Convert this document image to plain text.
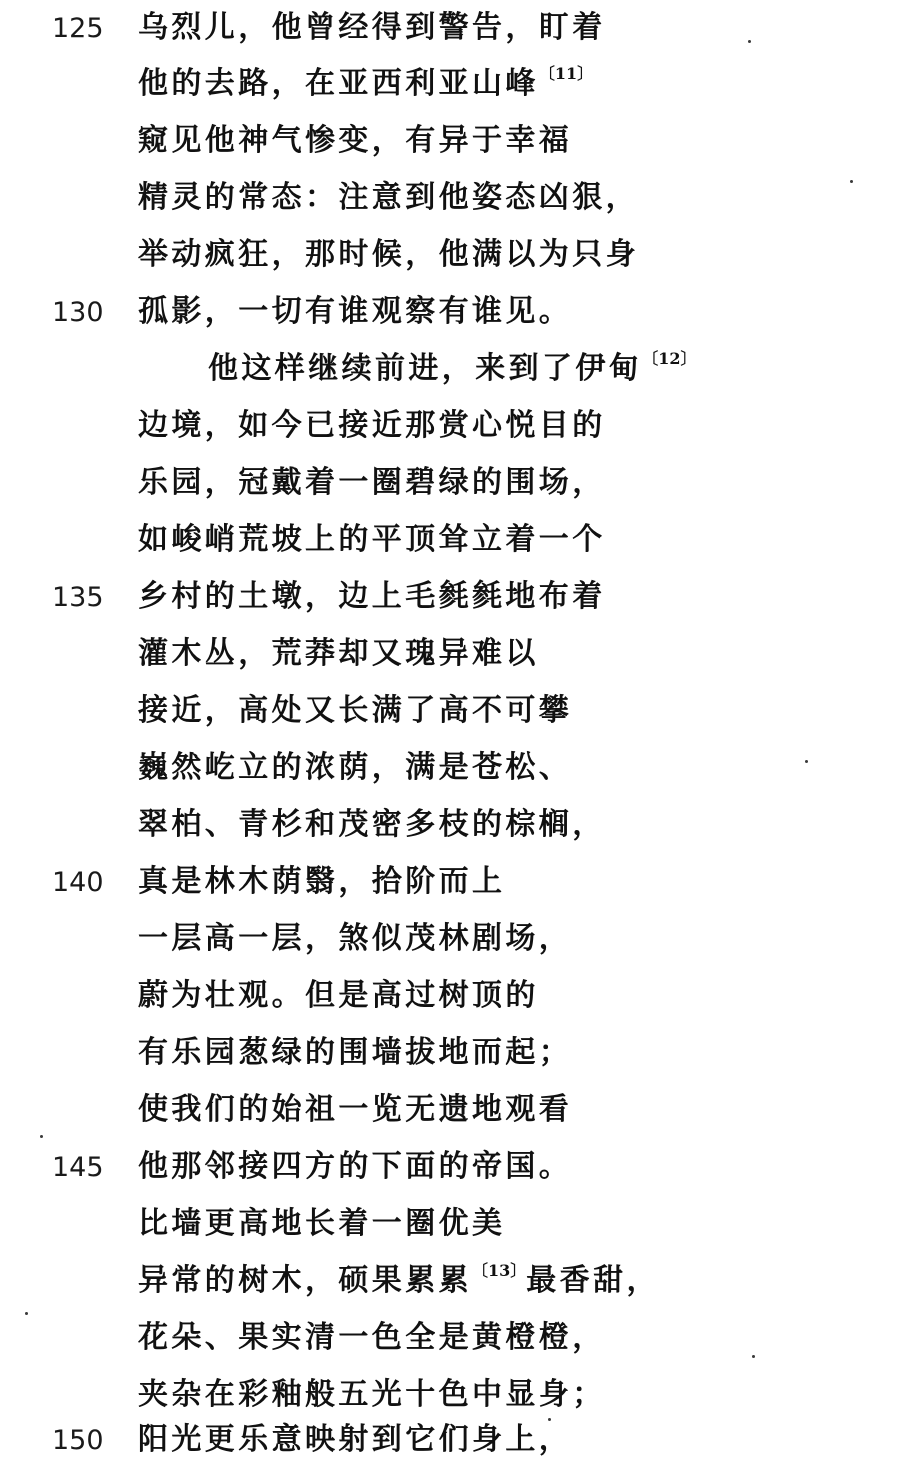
125 乌烈儿，他曾经得到警告，盯着
他的去路，在亚西利亚山峰$^{〔11〕}$
窥见他神气惨变，有异于幸福
精灵的常态：注意到他姿态凶狠，
举动疯狂，那时候，他满以为只身
130 孤影，一切有谁观察有谁见。
他这样继续前进，来到了伊甸$^{〔12〕}$
边境，如今已接近那赏心悦目的
乐园，冠戴着一圈碧绿的围场，
如峻峭荒坡上的平顶耸立着一个
135 乡村的土墩，边上毛毵毵地布着
灌木丛，荒莽却又瑰异难以
接近，高处又长满了高不可攀
巍然屹立的浓荫，满是苍松、
翠柏、青杉和茂密多枝的棕榈，
140 真是林木荫翳，拾阶而上
一层高一层，煞似茂林剧场，
蔚为壮观。但是高过树顶的
有乐园葱绿的围墙拔地而起；
使我们的始祖一览无遗地观看
145 他那邻接四方的下面的帝国。
比墙更高地长着一圈优美
异常的树木，硕果累累$^{〔13〕}$最香甜，
花朵、果实清一色全是黄橙橙，
夹杂在彩釉般五光十色中显身；
150 阳光更乐意映射到它们身上，
